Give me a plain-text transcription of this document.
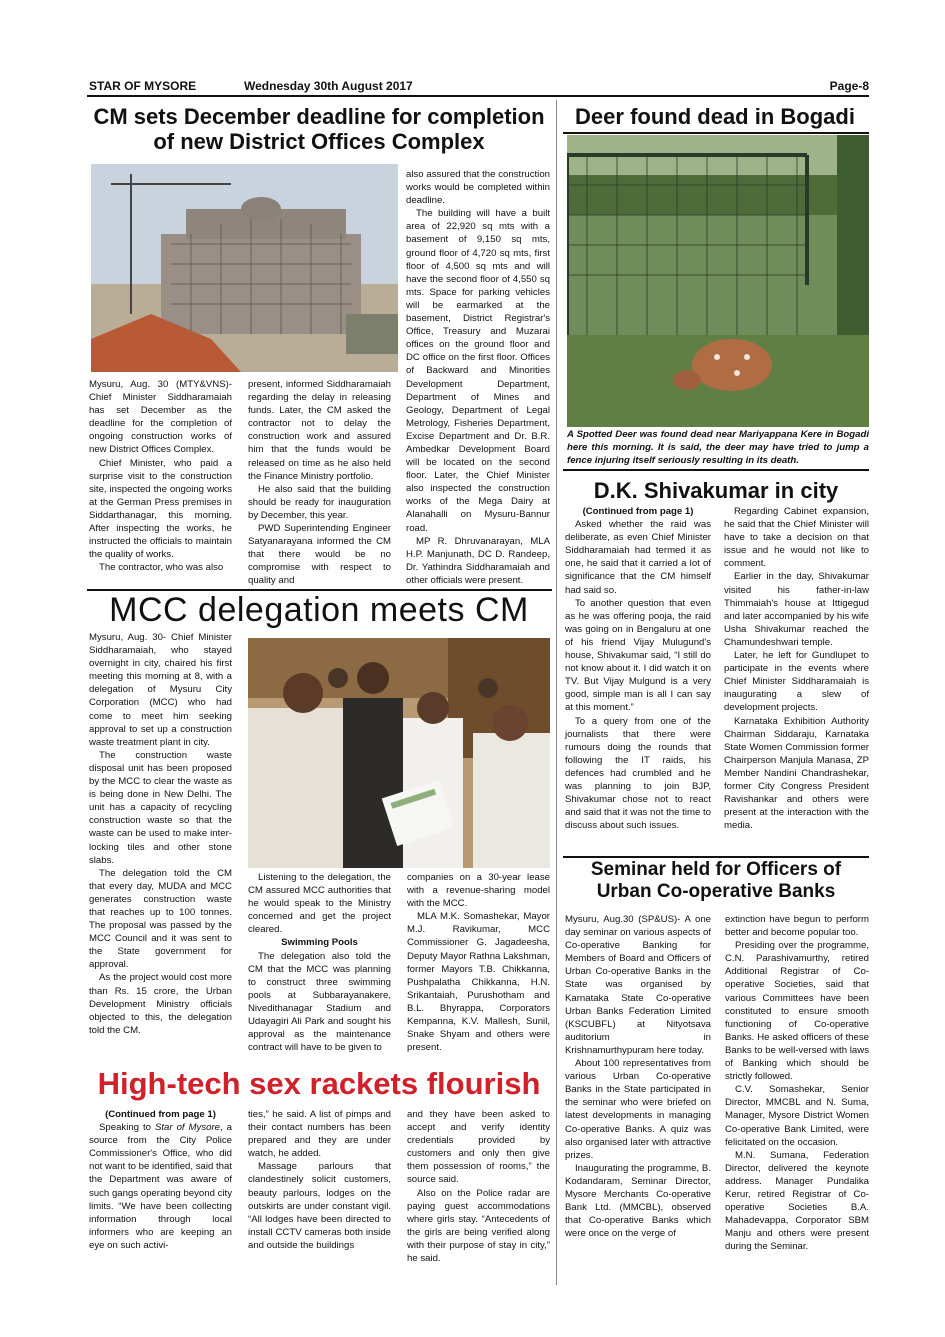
STAR OF MYSORE	Wednesday 30th August 2017	Page-8
CM sets December deadline for completion of new District Offices Complex

Mysuru, Aug. 30 (MTY&VNS)- Chief Minister Siddharamaiah has set December as the deadline for the completion of ongoing construction works of new District Offices Complex.

Chief Minister, who paid a surprise visit to the construction site, inspected the ongoing works at the German Press premises in Siddarthanagar, this morning. After inspecting the works, he instructed the officials to maintain the quality of works.

The contractor, who was also

present, informed Siddharamaiah regarding the delay in releasing funds. Later, the CM asked the contractor not to delay the construction work and assured him that the funds would be released on time as he also held the Finance Ministry portfolio.

He also said that the building should be ready for inauguration by December, this year.

PWD Superintending Engineer Satyanarayana informed the CM that there would be no compromise with respect to quality and

also assured that the construction works would be completed within deadline.

The building will have a built area of 22,920 sq mts with a basement of 9,150 sq mts, ground floor of 4,720 sq mts, first floor of 4,500 sq mts and will have the second floor of 4,550 sq mts. Space for parking vehicles will be earmarked at the basement, District Registrar's Office, Treasury and Muzarai offices on the ground floor and DC office on the first floor. Offices of Backward and Minorities Development Department, Department of Mines and Geology, Department of Legal Metrology, Fisheries Department, Excise Department and Dr. B.R. Ambedkar Development Board will be located on the second floor. Later, the Chief Minister also inspected the construction works of the Mega Dairy at Alanahalli on Mysuru-Bannur road.

MP R. Dhruvanarayan, MLA H.P. Manjunath, DC D. Randeep, Dr. Yathindra Siddharamaiah and other officials were present.

Deer found dead in Bogadi
A Spotted Deer was found dead near Mariyappana Kere in Bogadi here this morning. It is said, the deer may have tried to jump a fence injuring itself seriously resulting in its death.
MCC delegation meets CM

Mysuru, Aug. 30- Chief Minister Siddharamaiah, who stayed overnight in city, chaired his first meeting this morning at 8, with a delegation of Mysuru City Corporation (MCC) who had come to meet him seeking approval to set up a construction waste treatment plant in city.

The construction waste disposal unit has been proposed by the MCC to clear the waste as is being done in New Delhi. The unit has a capacity of recycling construction waste so that the waste can be used to make inter-locking tiles and other stone slabs.

The delegation told the CM that every day, MUDA and MCC generates construction waste that reaches up to 100 tonnes. The proposal was passed by the MCC Council and it was sent to the State government for approval.

As the project would cost more than Rs. 15 crore, the Urban Development Ministry officials objected to this, the delegation told the CM.

Listening to the delegation, the CM assured MCC authorities that he would speak to the Ministry concerned and get the project cleared.

Swimming Pools

The delegation also told the CM that the MCC was planning to construct three swimming pools at Subbarayanakere, Nivedithanagar Stadium and Udayagiri Ali Park and sought his approval as the maintenance contract will have to be given to

companies on a 30-year lease with a revenue-sharing model with the MCC.

MLA M.K. Somashekar, Mayor M.J. Ravikumar, MCC Commissioner G. Jagadeesha, Deputy Mayor Rathna Lakshman, former Mayors T.B. Chikkanna, Pushpalatha Chikkanna, H.N. Srikantaiah, Purushotham and B.L. Bhyrappa, Corporators Kempanna, K.V. Mallesh, Sunil, Snake Shyam and others were present.

D.K. Shivakumar in city

(Continued from page 1)

Asked whether the raid was deliberate, as even Chief Minister Siddharamaiah had termed it as one, he said that it carried a lot of significance that the CM himself had said so.

To another question that even as he was offering pooja, the raid was going on in Bengaluru at one of his friend Vijay Mulugund's house, Shivakumar said, “I still do not know about it. I did watch it on TV. But Vijay Mulgund is a very good, simple man is all I can say at this moment.”

To a query from one of the journalists that there were rumours doing the rounds that following the IT raids, his defences had crumbled and he was planning to join BJP, Shivakumar chose not to react and said that it was not the time to discuss about such issues.

Regarding Cabinet expansion, he said that the Chief Minister will have to take a decision on that issue and he would not like to comment.

Earlier in the day, Shivakumar visited his father-in-law Thimmaiah's house at Ittigegud and later accompanied by his wife Usha Shivakumar reached the Chamundeshwari temple.

Later, he left for Gundlupet to participate in the events where Chief Minister Siddharamaiah is inaugurating a slew of development projects.

Karnataka Exhibition Authority Chairman Siddaraju, Karnataka State Women Commission former Chairperson Manjula Manasa, ZP Member Nandini Chandrashekar, former City Congress President Ravishankar and others were present at the interaction with the media.

Seminar held for Officers of Urban Co-operative Banks

Mysuru, Aug.30 (SP&US)- A one day seminar on various aspects of Co-operative Banking for Members of Board and Officers of Urban Co-operative Banks in the State was organised by Karnataka State Co-operative Urban Banks Federation Limited (KSCUBFL) at Nityotsava auditorium in Krishnamurthypuram here today.

About 100 representatives from various Urban Co-operative Banks in the State participated in the seminar who were briefed on latest developments in managing Co-operative Banks. A quiz was also organised later with attractive prizes.

Inaugurating the programme, B. Kodandaram, Seminar Director, Mysore Merchants Co-operative Bank Ltd. (MMCBL), observed that Co-operative Banks which were once on the verge of

extinction have begun to perform better and become popular too.

Presiding over the programme, C.N. Parashivamurthy, retired Additional Registrar of Co-operative Societies, said that various Committees have been constituted to ensure smooth functioning of Co-operative Banks. He asked officers of these Banks to be well-versed with laws of Banking which should be strictly followed.

C.V. Somashekar, Senior Director, MMCBL and N. Suma, Manager, Mysore District Women Co-operative Bank Limited, were felicitated on the occasion.

M.N. Sumana, Federation Director, delivered the keynote address. Manager Pundalika Kerur, retired Registrar of Co-operative Societies B.A. Mahadevappa, Corporator SBM Manju and others were present during the Seminar.

High-tech sex rackets flourish

(Continued from page 1)

Speaking to Star of Mysore, a source from the City Police Commissioner's Office, who did not want to be identified, said that the Department was aware of such gangs operating beyond city limits. “We have been collecting information through local informers who are keeping an eye on such activi-

ties,” he said. A list of pimps and their contact numbers has been prepared and they are under watch, he added.

Massage parlours that clandestinely solicit customers, beauty parlours, lodges on the outskirts are under constant vigil. “All lodges have been directed to install CCTV cameras both inside and outside the buildings

and they have been asked to accept and verify identity credentials provided by customers and only then give them possession of rooms,” the source said.

Also on the Police radar are paying guest accommodations where girls stay. “Antecedents of the girls are being verified along with their purpose of stay in city,” he said.
